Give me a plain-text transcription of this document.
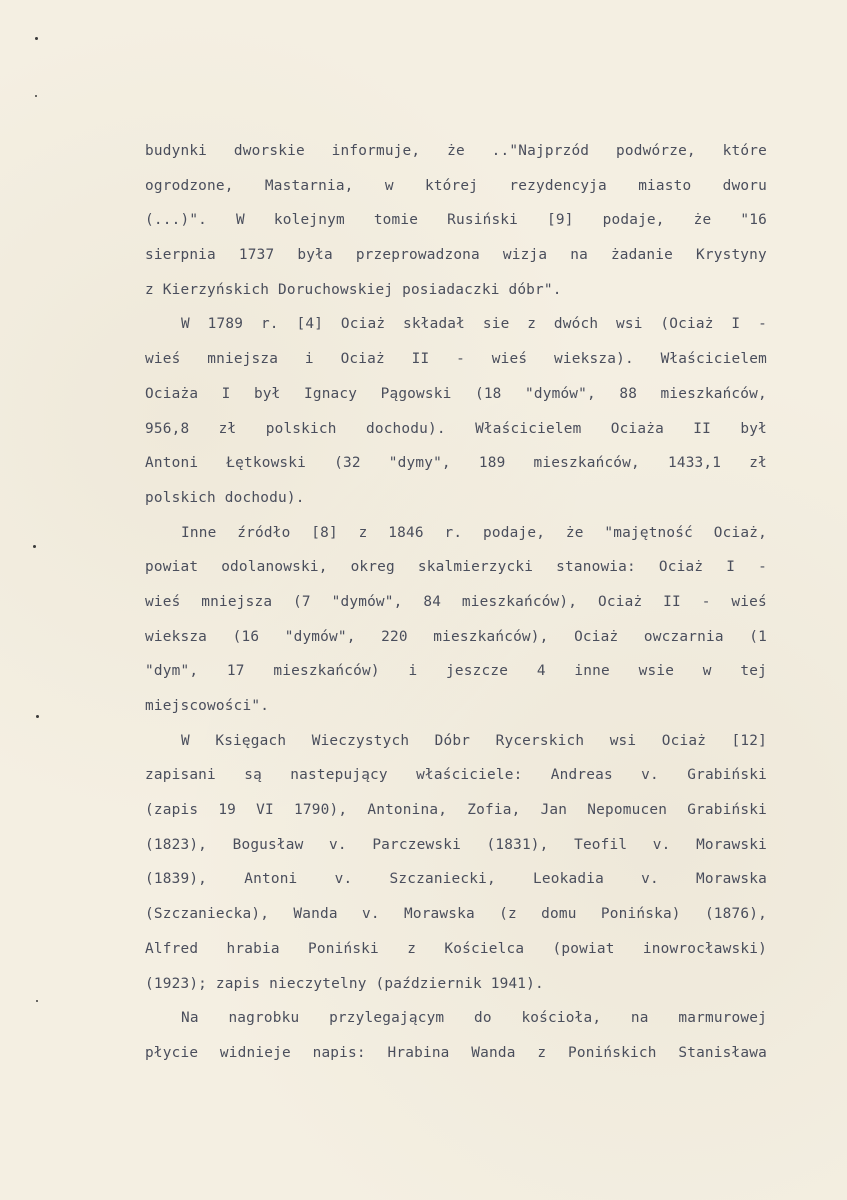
budynki dworskie informuje, że .."Najprzód podwórze, które
ogrodzone, Mastarnia, w której rezydencyja miasto dworu
(...)". W kolejnym tomie Rusiński [9] podaje, że "16
sierpnia 1737 była przeprowadzona wizja na żadanie Krystyny
z Kierzyńskich Doruchowskiej posiadaczki dóbr".
W 1789 r. [4] Ociaż składał sie z dwóch wsi (Ociaż I -
wieś mniejsza i Ociaż II - wieś wieksza). Właścicielem
Ociaża I był Ignacy Pągowski (18 "dymów", 88 mieszkańców,
956,8 zł polskich dochodu). Właścicielem Ociaża II był
Antoni Łętkowski (32 "dymy", 189 mieszkańców, 1433,1 zł
polskich dochodu).
Inne źródło [8] z 1846 r. podaje, że "majętność Ociaż,
powiat odolanowski, okreg skalmierzycki stanowia: Ociaż I -
wieś mniejsza (7 "dymów", 84 mieszkańców), Ociaż II - wieś
wieksza (16 "dymów", 220 mieszkańców), Ociaż owczarnia (1
"dym", 17 mieszkańców) i jeszcze 4 inne wsie w tej
miejscowości".
W Księgach Wieczystych Dóbr Rycerskich wsi Ociaż [12]
zapisani są nastepujący właściciele: Andreas v. Grabiński
(zapis 19 VI 1790), Antonina, Zofia, Jan Nepomucen Grabiński
(1823), Bogusław v. Parczewski (1831), Teofil v. Morawski
(1839),	Antoni	v.	Szczaniecki,	Leokadia	v.	Morawska
(Szczaniecka), Wanda v. Morawska (z domu Ponińska) (1876),
Alfred hrabia Poniński z Kościelca (powiat inowrocławski)
(1923); zapis nieczytelny (październik 1941).
Na nagrobku przylegającym do kościoła, na marmurowej
płycie widnieje napis: Hrabina Wanda z Ponińskich Stanisława
